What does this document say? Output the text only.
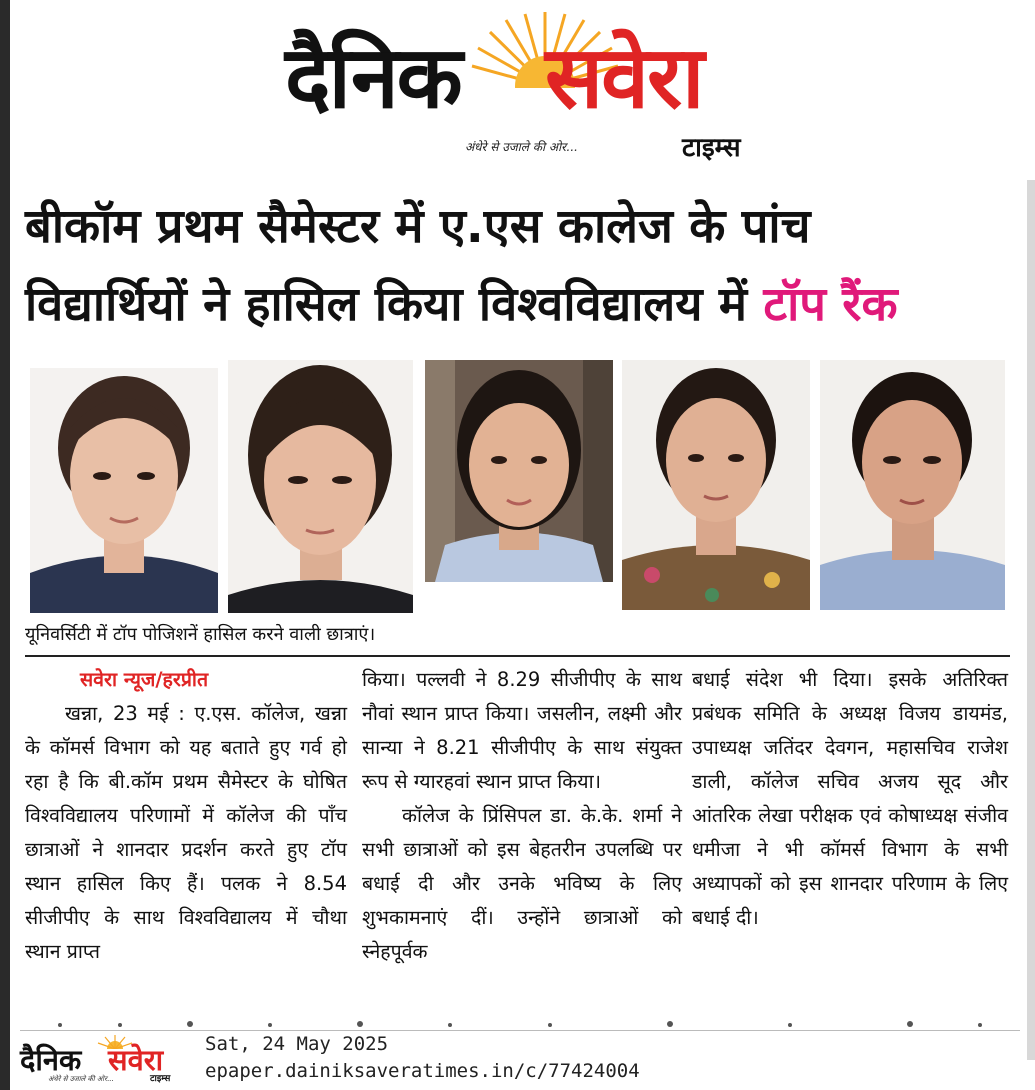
दैनिक सवेरा
अंधेरे से उजाले की ओर...	टाइम्स
बीकॉम प्रथम सैमेस्टर में ए.एस कालेज के पांच
विद्यार्थियों ने हासिल किया विश्वविद्यालय में टॉप रैंक
यूनिवर्सिटी में टॉप पोजिशनें हासिल करने वाली छात्राएं।
सवेरा न्यूज/हरप्रीत
खन्ना, 23 मई : ए.एस. कॉलेज, खन्ना के कॉमर्स विभाग को यह बताते हुए गर्व हो रहा है कि बी.कॉम प्रथम सैमेस्टर के घोषित विश्वविद्यालय परिणामों में कॉलेज की पाँच छात्राओं ने शानदार प्रदर्शन करते हुए टॉप स्थान हासिल किए हैं। पलक ने 8.54 सीजीपीए के साथ विश्वविद्यालय में चौथा स्थान प्राप्त
किया। पल्लवी ने 8.29 सीजीपीए के साथ नौवां स्थान प्राप्त किया। जसलीन, लक्ष्मी और सान्या ने 8.21 सीजीपीए के साथ संयुक्त रूप से ग्यारहवां स्थान प्राप्त किया।
कॉलेज के प्रिंसिपल डा. के.के. शर्मा ने सभी छात्राओं को इस बेहतरीन उपलब्धि पर बधाई दी और उनके भविष्य के लिए शुभकामनाएं दीं। उन्होंने छात्राओं को स्नेहपूर्वक
बधाई संदेश भी दिया। इसके अतिरिक्त प्रबंधक समिति के अध्यक्ष विजय डायमंड, उपाध्यक्ष जतिंदर देवगन, महासचिव राजेश डाली, कॉलेज सचिव अजय सूद और आंतरिक लेखा परीक्षक एवं कोषाध्यक्ष संजीव धमीजा ने भी कॉमर्स विभाग के सभी अध्यापकों को इस शानदार परिणाम के लिए बधाई दी।
दैनिक सवेरा
अंधेरे से उजाले की ओर...	टाइम्स
Sat, 24 May 2025
epaper.dainiksaveratimes.in/c/77424004
